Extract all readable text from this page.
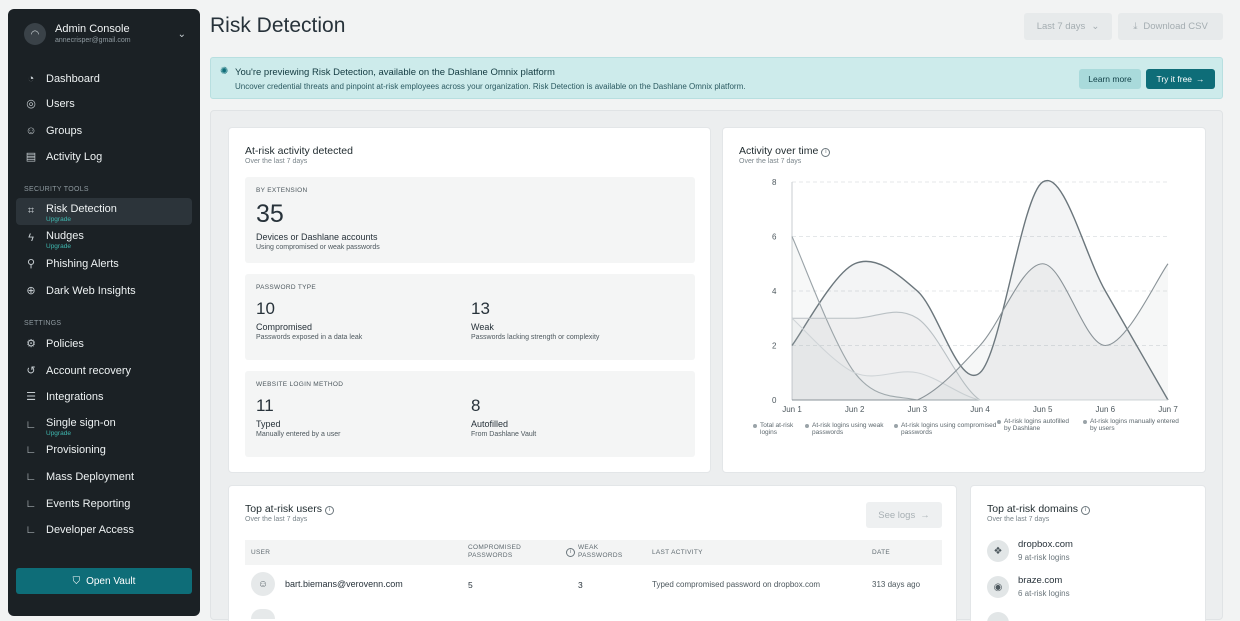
◠	Admin Console
annecrisper@gmail.com
⌄
◔ Dashboard
◎ Users
☺ Groups
▤ Activity Log
SECURITY TOOLS
⌗ Risk Detection
Upgrade
ϟ Nudges
Upgrade
⚲ Phishing Alerts
⊕ Dark Web Insights
SETTINGS
⚙ Policies
↺ Account recovery
☰ Integrations
∟ Single sign-on
Upgrade
∟ Provisioning
∟ Mass Deployment
∟ Events Reporting
∟ Developer Access
⛉ Open Vault
Risk Detection	Last 7 days ⌄	⤓ Download CSV
✺ You're previewing Risk Detection, available on the Dashlane Omnix platform
Uncover credential threats and pinpoint at-risk employees across your organization. Risk Detection is available on the Dashlane Omnix platform.
Learn more	Try it free →
At-risk activity detected
Over the last 7 days
BY EXTENSION
35
Devices or Dashlane accounts
Using compromised or weak passwords
PASSWORD TYPE
10
Compromised
Passwords exposed in a data leak
13
Weak
Passwords lacking strength or complexity
WEBSITE LOGIN METHOD
11
Typed
Manually entered by a user
8
Autofilled
From Dashlane Vault
Activity over time i
Over the last 7 days
0
2
4
6
8
Jun 1	Jun 2	Jun 3	Jun 4	Jun 5	Jun 6	Jun 7
Total at-risk logins
At-risk logins using weak passwords
At-risk logins using compromised passwords
At-risk logins autofilled by Dashlane
At-risk logins manually entered by users
Top at-risk users i
Over the last 7 days	See logs →
USER
COMPROMISED PASSWORDS	i
WEAK PASSWORDS	LAST ACTIVITY	DATE
☺	bart.biemans@verovenn.com	5	3	Typed compromised password on dropbox.com	313 days ago
Top at-risk domains i
Over the last 7 days
❖
dropbox.com
9 at-risk logins
◉
braze.com
6 at-risk logins
